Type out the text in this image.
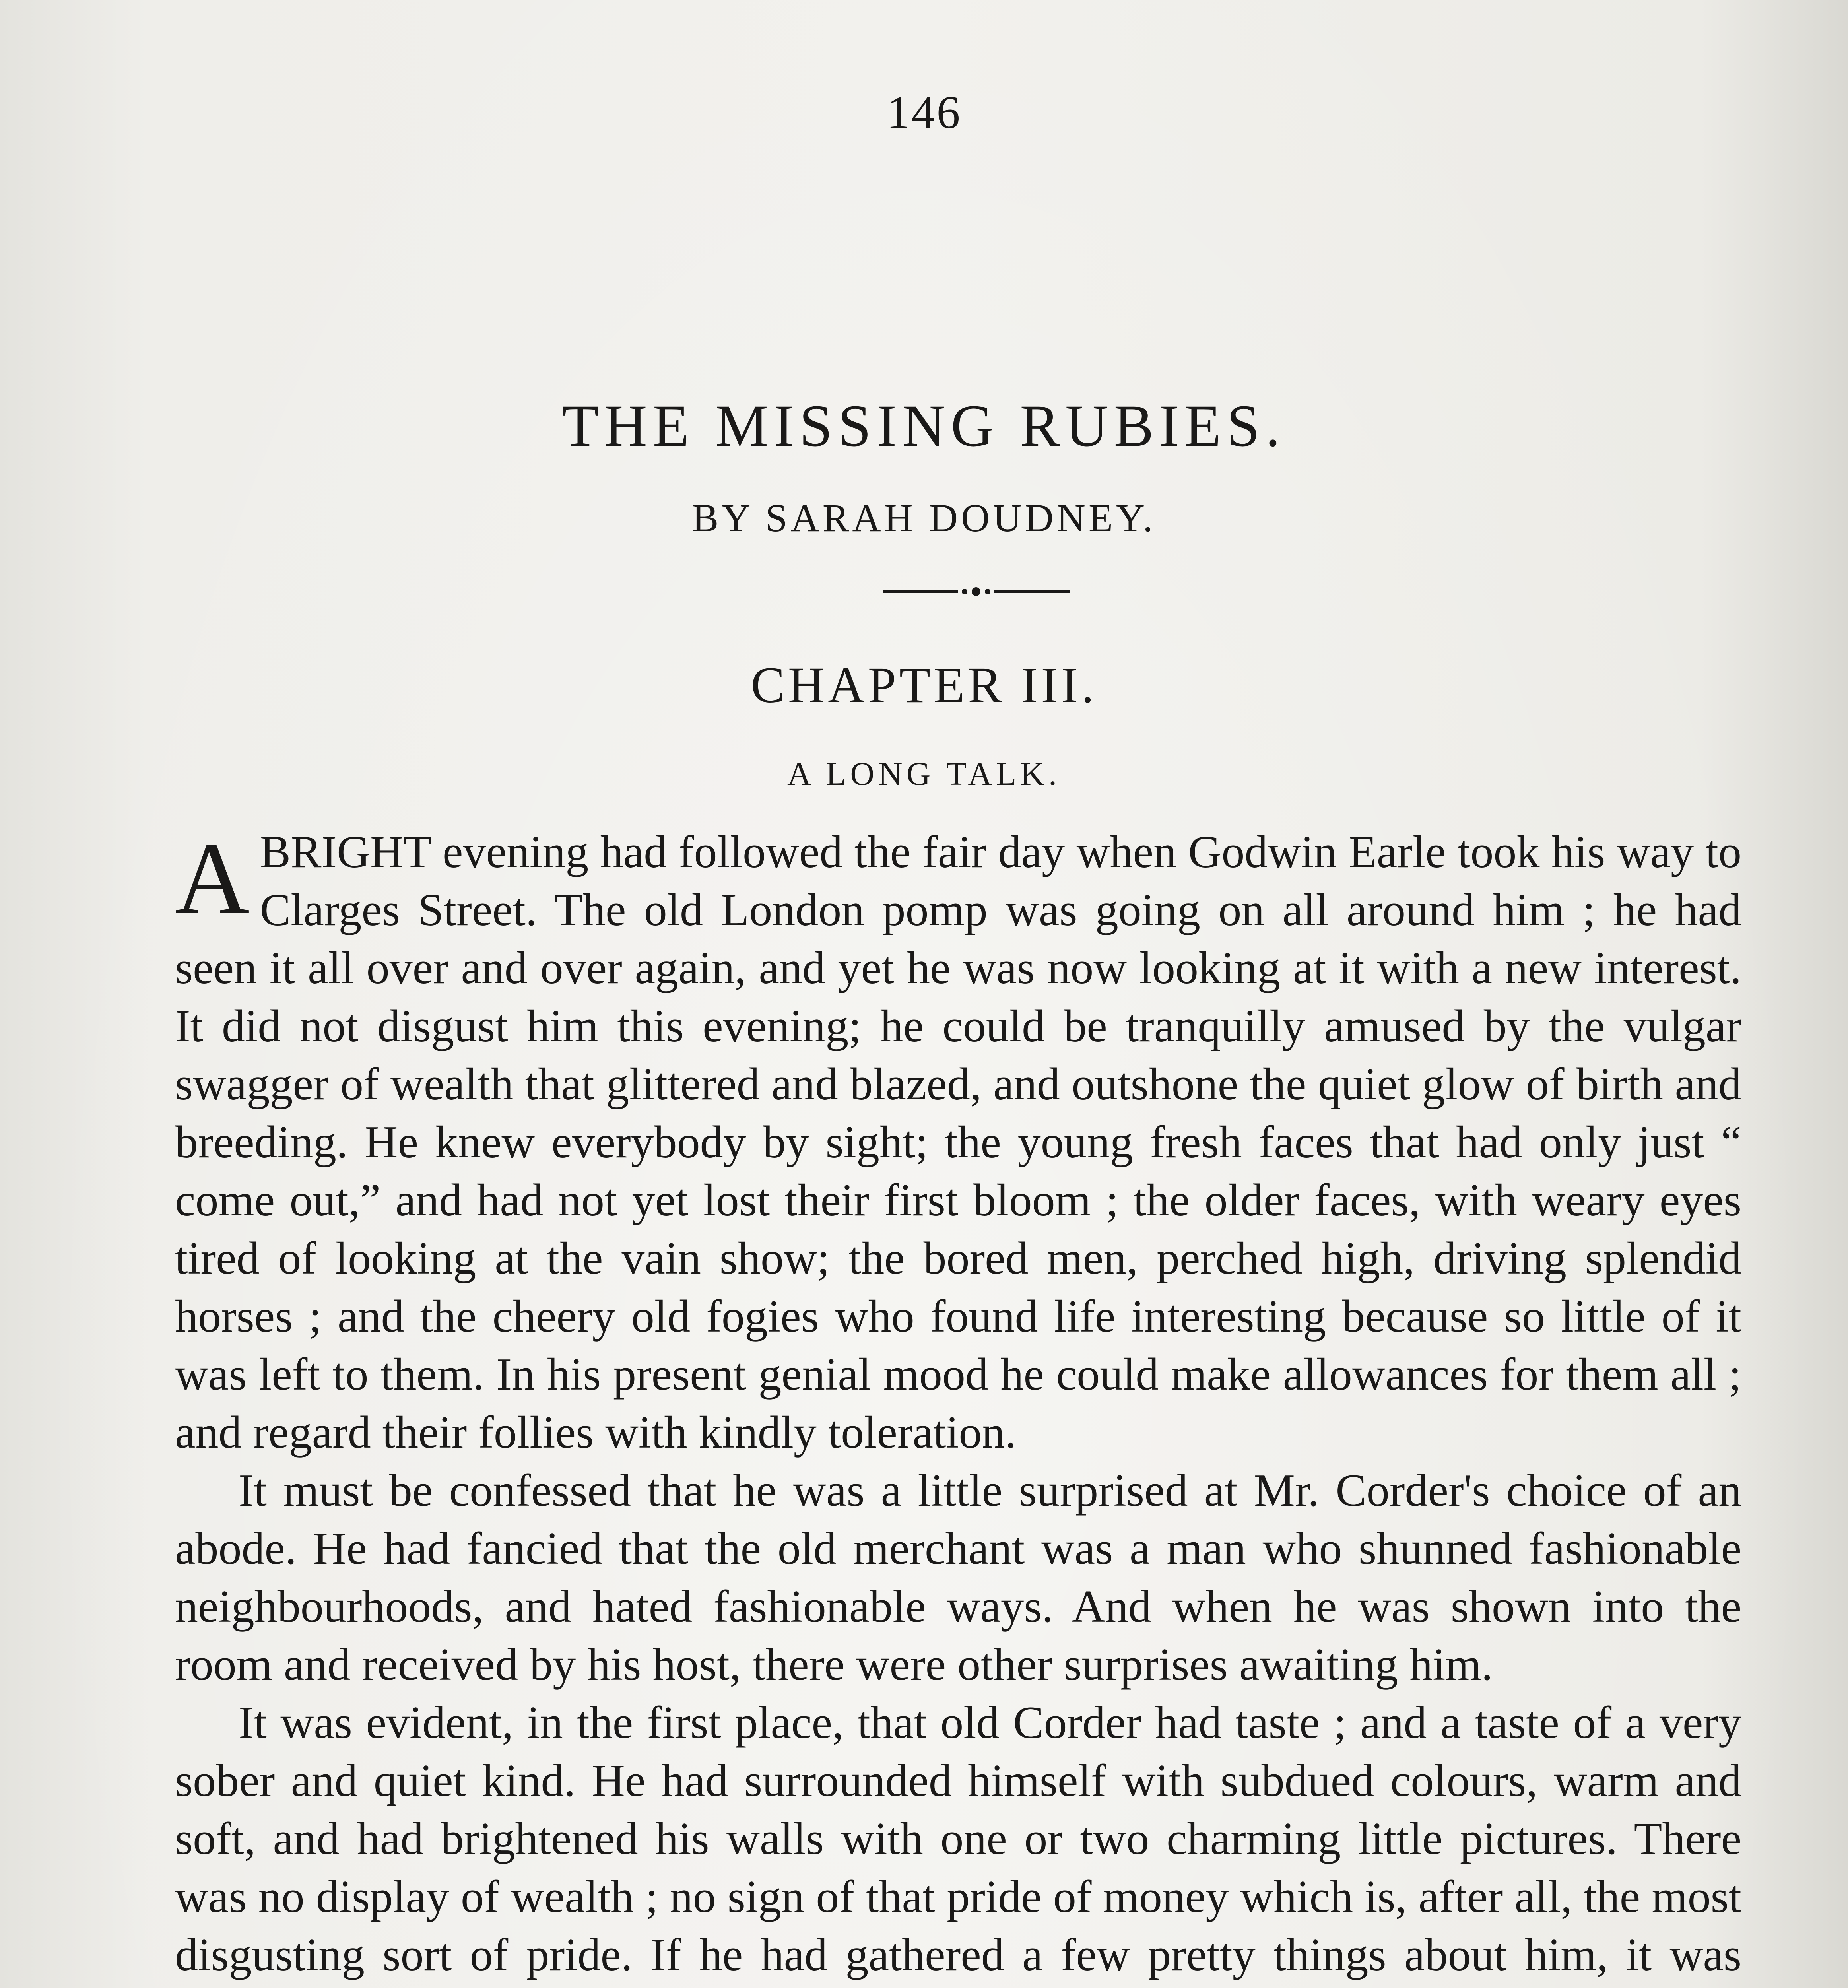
146
THE MISSING RUBIES.
BY SARAH DOUDNEY.
CHAPTER III.
A LONG TALK.

A BRIGHT evening had followed the fair day when Godwin Earle took his way to Clarges Street. The old London pomp was going on all around him ; he had seen it all over and over again, and yet he was now looking at it with a new interest. It did not disgust him this evening; he could be tranquilly amused by the vulgar swagger of wealth that glittered and blazed, and outshone the quiet glow of birth and breeding. He knew everybody by sight; the young fresh faces that had only just “ come out,” and had not yet lost their first bloom ; the older faces, with weary eyes tired of looking at the vain show; the bored men, perched high, driving splendid horses ; and the cheery old fogies who found life interesting because so little of it was left to them. In his present genial mood he could make allowances for them all ; and regard their follies with kindly toleration.

It must be confessed that he was a little surprised at Mr. Corder's choice of an abode. He had fancied that the old merchant was a man who shunned fashionable neighbourhoods, and hated fashionable ways. And when he was shown into the room and received by his host, there were other surprises awaiting him.

It was evident, in the first place, that old Corder had taste ; and a taste of a very sober and quiet kind. He had surrounded himself with subdued colours, warm and soft, and had brightened his walls with one or two charming little pictures. There was no display of wealth ; no sign of that pride of money which is, after all, the most disgusting sort of pride. If he had gathered a few pretty things about him, it was
